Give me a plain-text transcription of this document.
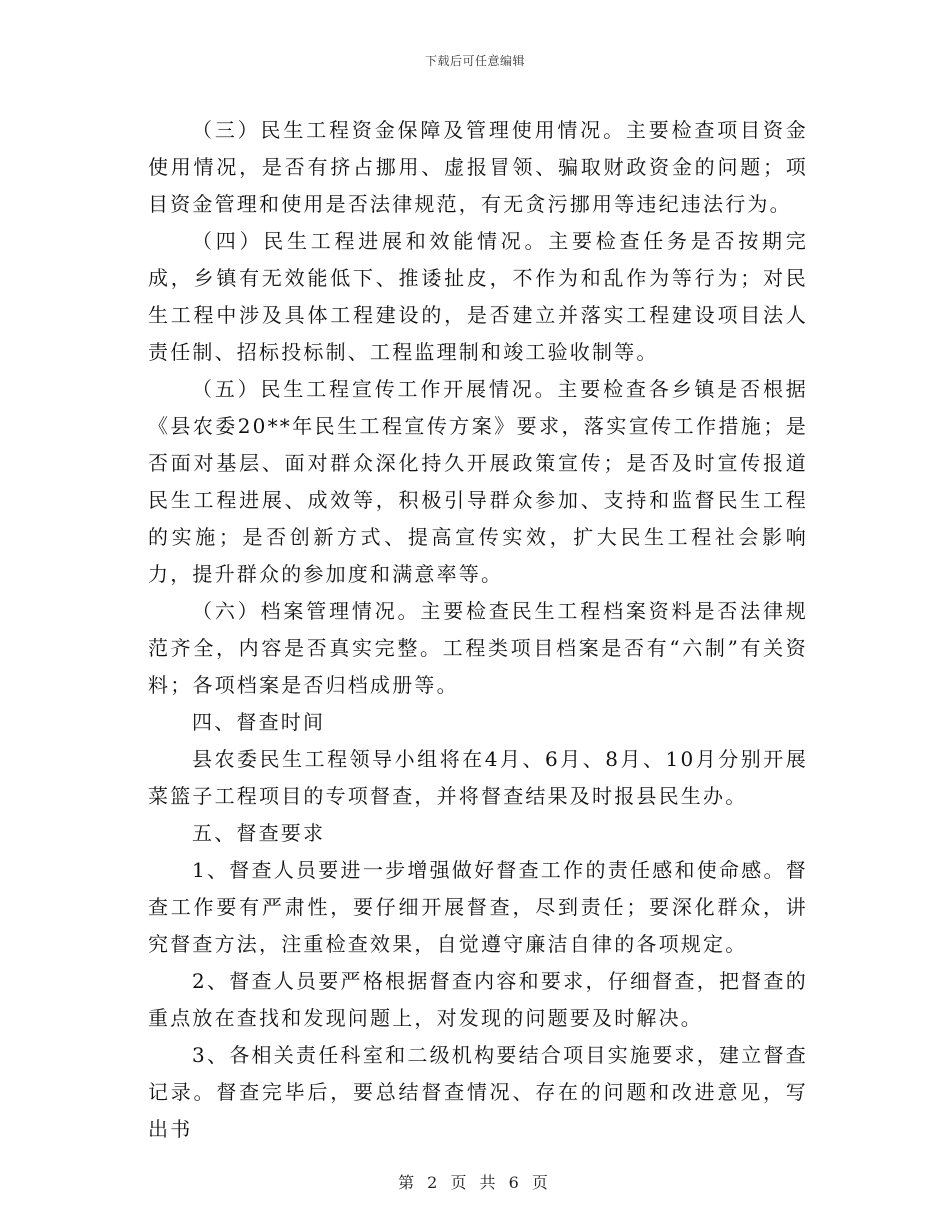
下载后可任意编辑

（三）民生工程资金保障及管理使用情况。主要检查项目资金使用情况，是否有挤占挪用、虚报冒领、骗取财政资金的问题；项目资金管理和使用是否法律规范，有无贪污挪用等违纪违法行为。

（四）民生工程进展和效能情况。主要检查任务是否按期完成，乡镇有无效能低下、推诿扯皮，不作为和乱作为等行为；对民生工程中涉及具体工程建设的，是否建立并落实工程建设项目法人责任制、招标投标制、工程监理制和竣工验收制等。

（五）民生工程宣传工作开展情况。主要检查各乡镇是否根据《县农委20**年民生工程宣传方案》要求，落实宣传工作措施；是否面对基层、面对群众深化持久开展政策宣传；是否及时宣传报道民生工程进展、成效等，积极引导群众参加、支持和监督民生工程的实施；是否创新方式、提高宣传实效，扩大民生工程社会影响力，提升群众的参加度和满意率等。

（六）档案管理情况。主要检查民生工程档案资料是否法律规范齐全，内容是否真实完整。工程类项目档案是否有“六制”有关资料；各项档案是否归档成册等。

四、督查时间

县农委民生工程领导小组将在4月、6月、8月、10月分别开展菜篮子工程项目的专项督查，并将督查结果及时报县民生办。

五、督查要求

1、督查人员要进一步增强做好督查工作的责任感和使命感。督查工作要有严肃性，要仔细开展督查，尽到责任；要深化群众，讲究督查方法，注重检查效果，自觉遵守廉洁自律的各项规定。

2、督查人员要严格根据督查内容和要求，仔细督查，把督查的重点放在查找和发现问题上，对发现的问题要及时解决。

3、各相关责任科室和二级机构要结合项目实施要求，建立督查记录。督查完毕后，要总结督查情况、存在的问题和改进意见，写出书

第 2 页 共 6 页
